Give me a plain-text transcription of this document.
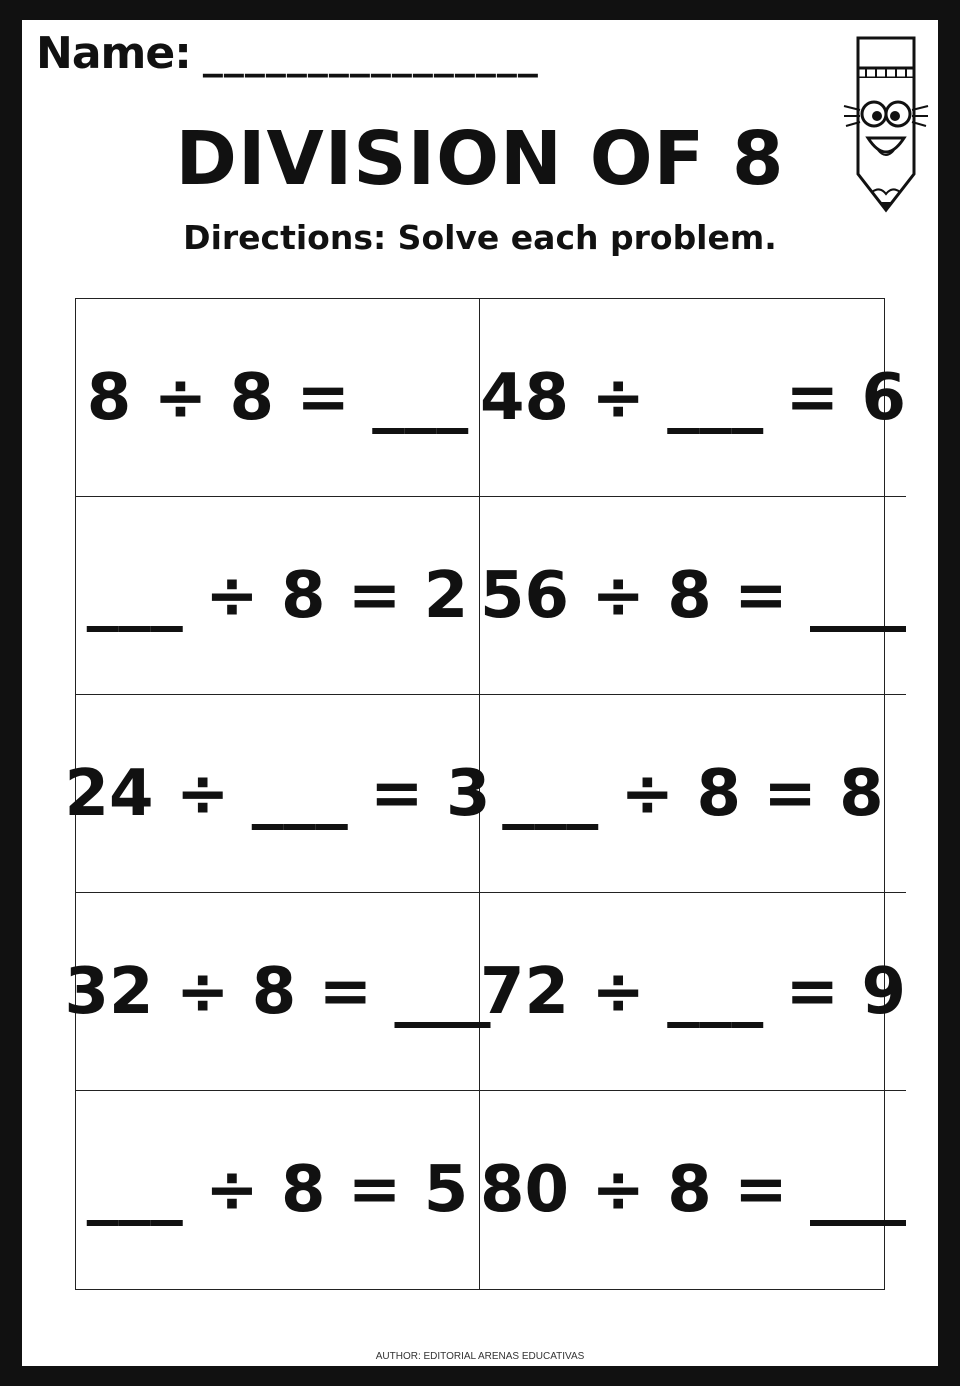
Name: ________________
DIVISION OF 8
Directions: Solve each problem.
8 ÷ 8 = ___ 48 ÷ ___ = 6
___ ÷ 8 = 2 56 ÷ 8 = ___
24 ÷ ___ = 3 ___ ÷ 8 = 8
32 ÷ 8 = ___
72 ÷ ___ = 9
___ ÷ 8 = 5 80 ÷ 8 = ___
AUTHOR: EDITORIAL ARENAS EDUCATIVAS
